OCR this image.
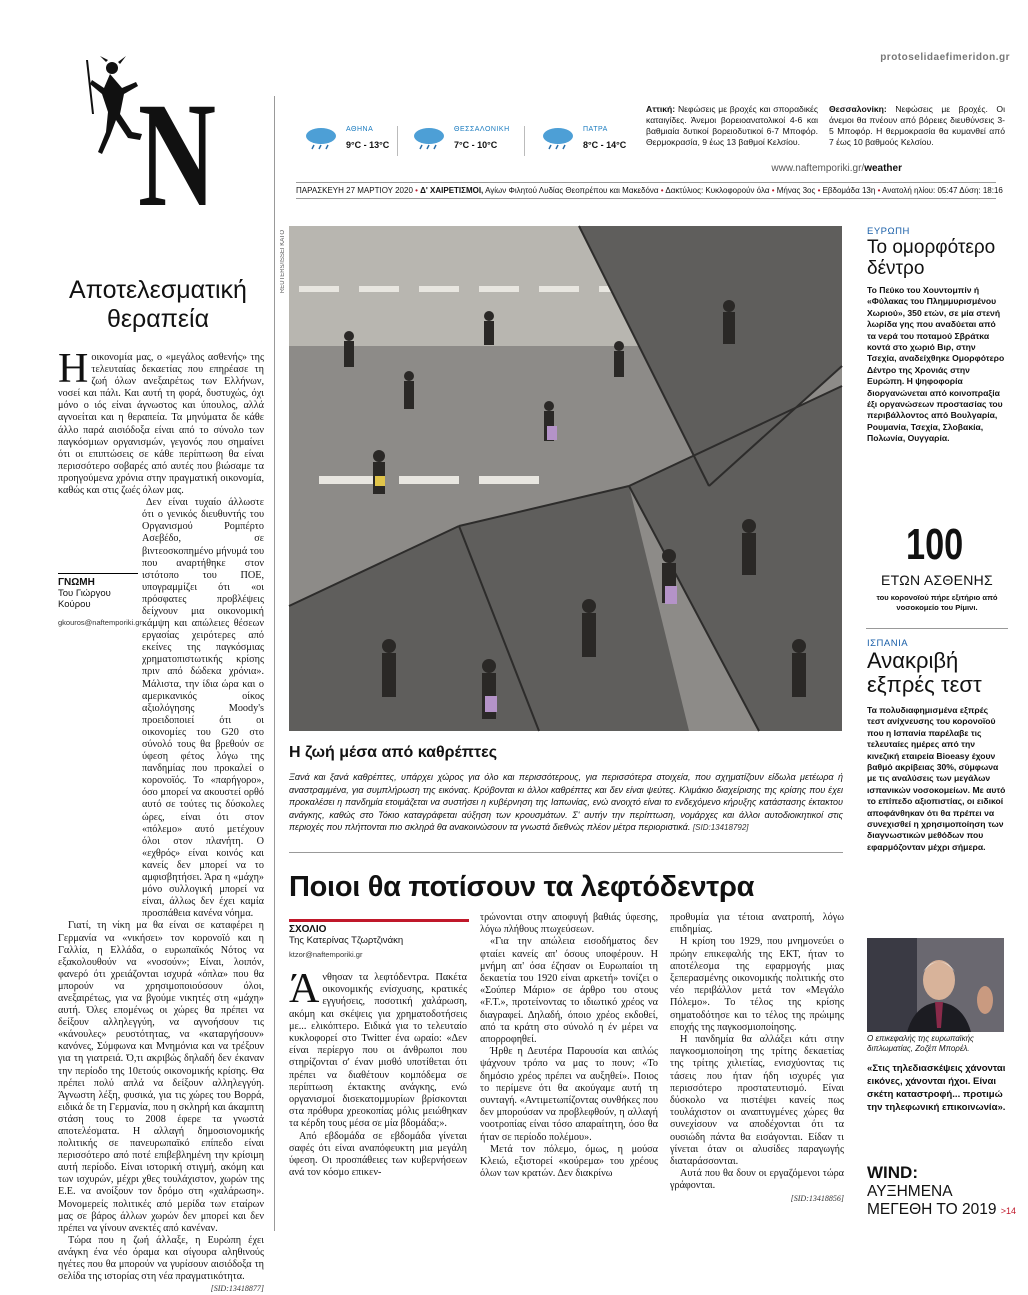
protoselidaefimeridon.gr
N	ΑΘΗΝΑ
9°C - 13°C
ΘΕΣΣΑΛΟΝΙΚΗ
7°C - 10°C
ΠΑΤΡΑ
8°C - 14°C
Αττική: Νεφώσεις με βροχές και σποραδικές καταιγίδες. Άνεμοι βορειοανατολικοί 4-6 και βαθμιαία δυτικοί βορειοδυτικοί 6-7 Μποφόρ. Θερμοκρασία, 9 έως 13 βαθμοί Κελσίου.
Θεσσαλονίκη: Νεφώσεις με βροχές. Οι άνεμοι θα πνέουν από βόρειες διευθύνσεις 3-5 Μποφόρ. Η θερμοκρασία θα κυμανθεί από 7 έως 10 βαθμούς Κελσίου.
www.naftemporiki.gr/weather
ΠΑΡΑΣΚΕΥΗ 27 ΜΑΡΤΙΟΥ 2020 • Δ' ΧΑΙΡΕΤΙΣΜΟΙ, Αγίων Φιλητού Λυδίας Θεοπρέπου και Μακεδόνα • Δακτύλιος: Κυκλοφορούν όλα • Μήνας 3ος • Εβδομάδα 13η • Ανατολή ηλίου: 05:47 Δύση: 18:16
Αποτελεσματική θεραπεία

Ηοικονομία μας, ο «μεγάλος ασθενής» της τελευταίας δεκαετίας που επηρέασε τη ζωή όλων ανεξαιρέτως των Ελλήνων, νοσεί και πάλι. Και αυτή τη φορά, δυστυχώς, όχι μόνο ο ιός είναι άγνωστος και ύπουλος, αλλά αγνοείται και η θεραπεία. Τα μηνύματα δε κάθε άλλο παρά αισιόδοξα είναι από το σύνολο των παγκόσμιων οργανισμών, γεγονός που σημαίνει ότι οι επιπτώσεις σε κάθε περίπτωση θα είναι περισσότερο σοβαρές από αυτές που βιώσαμε τα προηγούμενα χρόνια στην πραγματική οικονομία, καθώς και στις ζωές όλων μας.

Δεν είναι τυχαίο άλλωστε ότι ο γενικός διευθυντής του Οργανισμού Ρομπέρτο Ασεβέδο, σε βιντεοσκοπημένο μήνυμά του που αναρτήθηκε στον ιστότοπο του ΠΟΕ, υπογραμμίζει ότι «οι πρόσφατες προβλέψεις δείχνουν μια οικονομική κάμψη και απώλειες θέσεων εργασίας χειρότερες από εκείνες της παγκόσμιας χρηματοπιστωτικής κρίσης πριν από δώδεκα χρόνια». Μάλιστα, την ίδια ώρα και ο αμερικανικός οίκος αξιολόγησης Moody's προειδοποιεί ότι οι οικονομίες του G20 στο σύνολό τους θα βρεθούν σε ύφεση φέτος λόγω της πανδημίας που προκαλεί ο κορονοϊός. Το «παρήγορο», όσο μπορεί να ακουστεί ορθό αυτό σε τούτες τις δύσκολες ώρες, είναι ότι στον «πόλεμο» αυτό μετέχουν όλοι στον πλανήτη. Ο «εχθρός» είναι κοινός και κανείς δεν μπορεί να το αμφισβητήσει. Άρα η «μάχη» μόνο συλλογική μπορεί να είναι, άλλως δεν έχει καμία προσπάθεια κανένα νόημα.

Γιατί, τη νίκη μα θα είναι σε καταφέρει η Γερμανία να «νικήσει» τον κορονοϊό και η Γαλλία, η Ελλάδα, ο ευρωπαϊκός Νότος να εξακολουθούν να «νοσούν»; Είναι, λοιπόν, φανερό ότι χρειάζονται ισχυρά «όπλα» που θα μπορούν να χρησιμοποιούσουν όλοι, ανεξαιρέτως, για να βγούμε νικητές στη «μάχη» αυτή. Όλες επομένως οι χώρες θα πρέπει να δείξουν αλληλεγγύη, να αγνοήσουν τις «κάνουλες» ρευστότητας, να «καταργήσουν» κανόνες, Σύμφωνα και Μνημόνια και να τρέξουν για τη γιατρειά. Ό,τι ακριβώς δηλαδή δεν έκαναν την περίοδο της 10ετούς οικονομικής κρίσης. Θα πρέπει πολύ απλά να δείξουν αλληλεγγύη. Άγνωστη λέξη, φυσικά, για τις χώρες του Βορρά, ειδικά δε τη Γερμανία, που η σκληρή και άκαμπτη στάση τους το 2008 έφερε τα γνωστά αποτελέσματα. Η αλλαγή δημοσιονομικής πολιτικής σε πανευρωπαϊκό επίπεδο είναι περισσότερο από ποτέ επιβεβλημένη την κρίσιμη αυτή περίοδο. Είναι ιστορική στιγμή, ακόμη και των ισχυρών, μέχρι χθες τουλάχιστον, χωρών της Ε.Ε. να ανοίξουν τον δρόμο στη «χαλάρωση». Μονομερείς πολιτικές από μερίδα των εταίρων μας σε βάρος άλλων χωρών δεν μπορεί και δεν πρέπει να γίνουν ανεκτές από κανέναν.

Τώρα που η ζωή άλλαξε, η Ευρώπη έχει ανάγκη ένα νέο όραμα και σίγουρα αληθινούς ηγέτες που θα μπορούν να γυρίσουν αισιόδοξα τη σελίδα της ιστορίας στη νέα πραγματικότητα.

[SID:13418877]

ΓΝΩΜΗ
Του Γιώργου Κούρου
gkouros@naftemporiki.gr
REUTERS/ISSEI KATO
Η ζωή μέσα από καθρέπτες
Ξανά και ξανά καθρέπτες, υπάρχει χώρος για όλο και περισσότερους, για περισσότερα στοιχεία, που σχηματίζουν είδωλα μετέωρα ή αναστραμμένα, για συμπλήρωση της εικόνας. Κρύβονται κι άλλοι καθρέπτες και δεν είναι ψεύτες. Κλιμάκιο διαχείρισης της κρίσης που έχει προκαλέσει η πανδημία ετοιμάζεται να συστήσει η κυβέρνηση της Ιαπωνίας, ενώ ανοιχτό είναι το ενδεχόμενο κήρυξης κατάστασης έκτακτου ανάγκης, καθώς στο Τόκιο καταγράφεται αύξηση των κρουσμάτων. Σ' αυτήν την περίπτωση, νομάρχες και άλλοι αυτοδιοικητικοί στις περιοχές που πλήττονται πιο σκληρά θα ανακοινώσουν τα γνωστά διεθνώς πλέον μέτρα περιοριστικά. [SID:13418792]
Ποιοι θα ποτίσουν τα λεφτόδεντρα
ΣΧΟΛΙΟ
Της Κατερίνας Τζωρτζινάκη
ktzor@naftemporiki.gr

Άνθησαν τα λεφτόδεντρα. Πακέτα οικονομικής ενίσχυσης, κρατικές εγγυήσεις, ποσοτική χαλάρωση, ακόμη και σκέψεις για χρηματοδοτήσεις με... ελικόπτερο. Ειδικά για το τελευταίο κυκλοφορεί στο Twitter ένα ωραίο: «Δεν είναι περίεργο που οι άνθρωποι που στηρίζονται σ' έναν μισθό υποτίθεται ότι πρέπει να διαθέτουν κομπόδεμα σε περίπτωση έκτακτης ανάγκης, ενώ οργανισμοί δισεκατομμυρίων βρίσκονται στα πρόθυρα χρεοκοπίας μόλις μειώθηκαν τα κέρδη τους μέσα σε μία βδομάδα;».

Από εβδομάδα σε εβδομάδα γίνεται σαφές ότι είναι αναπόφευκτη μια μεγάλη ύφεση. Οι προσπάθειες των κυβερνήσεων ανά τον κόσμο επικεν-

τρώνονται στην αποφυγή βαθιάς ύφεσης, λόγω πλήθους πτωχεύσεων.

«Για την απώλεια εισοδήματος δεν φταίει κανείς απ' όσους υποφέρουν. Η μνήμη απ' όσα έζησαν οι Ευρωπαίοι τη δεκαετία του 1920 είναι αρκετή» τονίζει ο «Σούπερ Μάριο» σε άρθρο του στους «F.T.», προτείνοντας το ιδιωτικό χρέος να διαγραφεί. Δηλαδή, όποιο χρέος εκδοθεί, από τα κράτη στο σύνολό η έν μέρει να απορροφηθεί.

Ήρθε η Δευτέρα Παρουσία και απλώς ψάχνουν τρόπο να μας το πουν; «Το δημόσιο χρέος πρέπει να αυξηθεί». Ποιος το περίμενε ότι θα ακούγαμε αυτή τη συνταγή. «Αντιμετωπίζοντας συνθήκες που δεν μπορούσαν να προβλεφθούν, η αλλαγή νοοτροπίας είναι τόσο απαραίτητη, όσο θα ήταν σε περίοδο πολέμου».

Μετά τον πόλεμο, όμως, η μούσα Κλειώ, εξιστορεί «κούρεμα» του χρέους όλων των κρατών. Δεν διακρίνω

προθυμία για τέτοια ανατροπή, λόγω επιδημίας.

Η κρίση του 1929, που μνημονεύει ο πρώην επικεφαλής της ΕΚΤ, ήταν το αποτέλεσμα της εφαρμογής μιας ξεπερασμένης οικονομικής πολιτικής στο νέο περιβάλλον μετά τον «Μεγάλο Πόλεμο». Το τέλος της κρίσης σηματοδότησε και το τέλος της πρώιμης εποχής της παγκοσμιοποίησης.

Η πανδημία θα αλλάξει κάτι στην παγκοσμιοποίηση της τρίτης δεκαετίας της τρίτης χιλιετίας, ενισχύοντας τις τάσεις που ήταν ήδη ισχυρές για περισσότερο προστατευτισμό. Είναι δύσκολο να πιστέψει κανείς πως τουλάχιστον οι αναπτυγμένες χώρες θα συνεχίσουν να αποδέχονται ότι τα ουσιώδη πάντα θα εισάγονται. Είδαν τι γίνεται όταν οι αλυσίδες παραγωγής διαταράσσονται.

Αυτά που θα δουν οι εργαζόμενοι τώρα γράφονται.

[SID:13418856]

ΕΥΡΩΠΗ
Το ομορφότερο δέντρο
Το Πεύκο του Χουντομπίν ή «Φύλακας του Πλημμυρισμένου Χωριού», 350 ετών, σε μία στενή λωρίδα γης που αναδύεται από τα νερά του ποταμού Σβράτκα κοντά στο χωριό Βιρ, στην Τσεχία, αναδείχθηκε Ομορφότερο Δέντρο της Χρονιάς στην Ευρώπη. Η ψηφοφορία διοργανώνεται από κοινοπραξία έξι οργανώσεων προστασίας του περιβάλλοντος από Βουλγαρία, Ρουμανία, Τσεχία, Σλοβακία, Πολωνία, Ουγγαρία.
100
ΕΤΩΝ ΑΣΘΕΝΗΣ
του κορονοϊού πήρε εξιτήριο από νοσοκομείο του Ρίμινι.
ΙΣΠΑΝΙΑ
Ανακριβή εξπρές τεστ
Τα πολυδιαφημισμένα εξπρές τεστ ανίχνευσης του κορονοϊού που η Ισπανία παρέλαβε τις τελευταίες ημέρες από την κινεζική εταιρεία Bioeasy έχουν βαθμό ακρίβειας 30%, σύμφωνα με τις αναλύσεις των μεγάλων ισπανικών νοσοκομείων. Με αυτό το επίπεδο αξιοπιστίας, οι ειδικοί αποφάνθηκαν ότι θα πρέπει να συνεχισθεί η χρησιμοποίηση των διαγνωστικών μεθόδων που εφαρμόζονταν μέχρι σήμερα.
Ο επικεφαλής της ευρωπαϊκής διπλωματίας, Ζοζέπ Μπορέλ.
«Στις τηλεδιασκέψεις χάνονται εικόνες, χάνονται ήχοι. Είναι σκέτη καταστροφή... προτιμώ την τηλεφωνική επικοινωνία».
WIND:
ΑΥΞΗΜΕΝΑ ΜΕΓΕΘΗ ΤΟ 2019 >14
